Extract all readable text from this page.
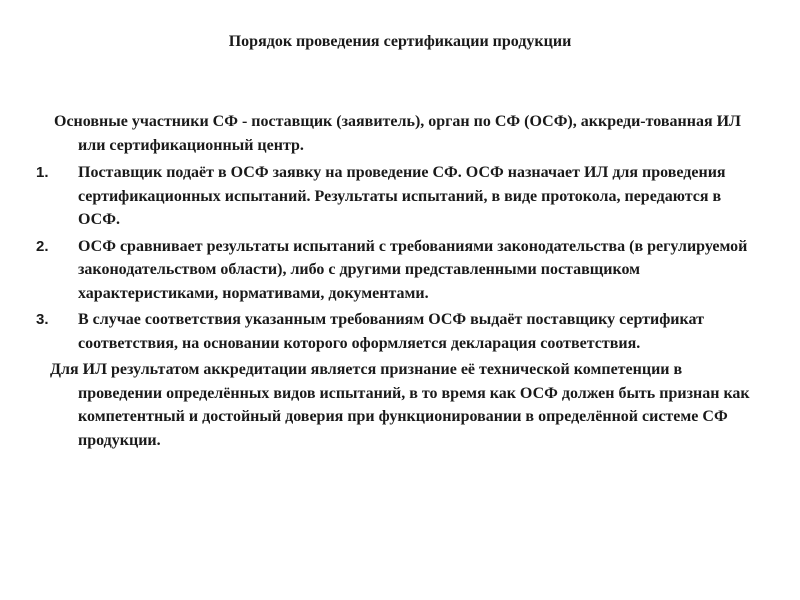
Порядок проведения сертификации продукции

Основные участники СФ - поставщик (заявитель), орган по СФ (ОСФ), аккреди-тованная ИЛ или сертификационный центр.

1. Поставщик подаёт в ОСФ заявку на проведение СФ. ОСФ назначает ИЛ для проведения сертификационных испытаний. Результаты испытаний, в виде протокола, передаются в ОСФ.
2. ОСФ сравнивает результаты испытаний с требованиями законодательства (в регулируемой законодательством области), либо с другими представленными поставщиком характеристиками, нормативами, документами.
3. В случае соответствия указанным требованиям ОСФ выдаёт поставщику сертификат соответствия, на основании которого оформляется декларация соответствия.

Для ИЛ результатом аккредитации является признание её технической компетенции в проведении определённых видов испытаний, в то время как ОСФ должен быть признан как компетентный и достойный доверия при функционировании в определённой системе СФ продукции.
